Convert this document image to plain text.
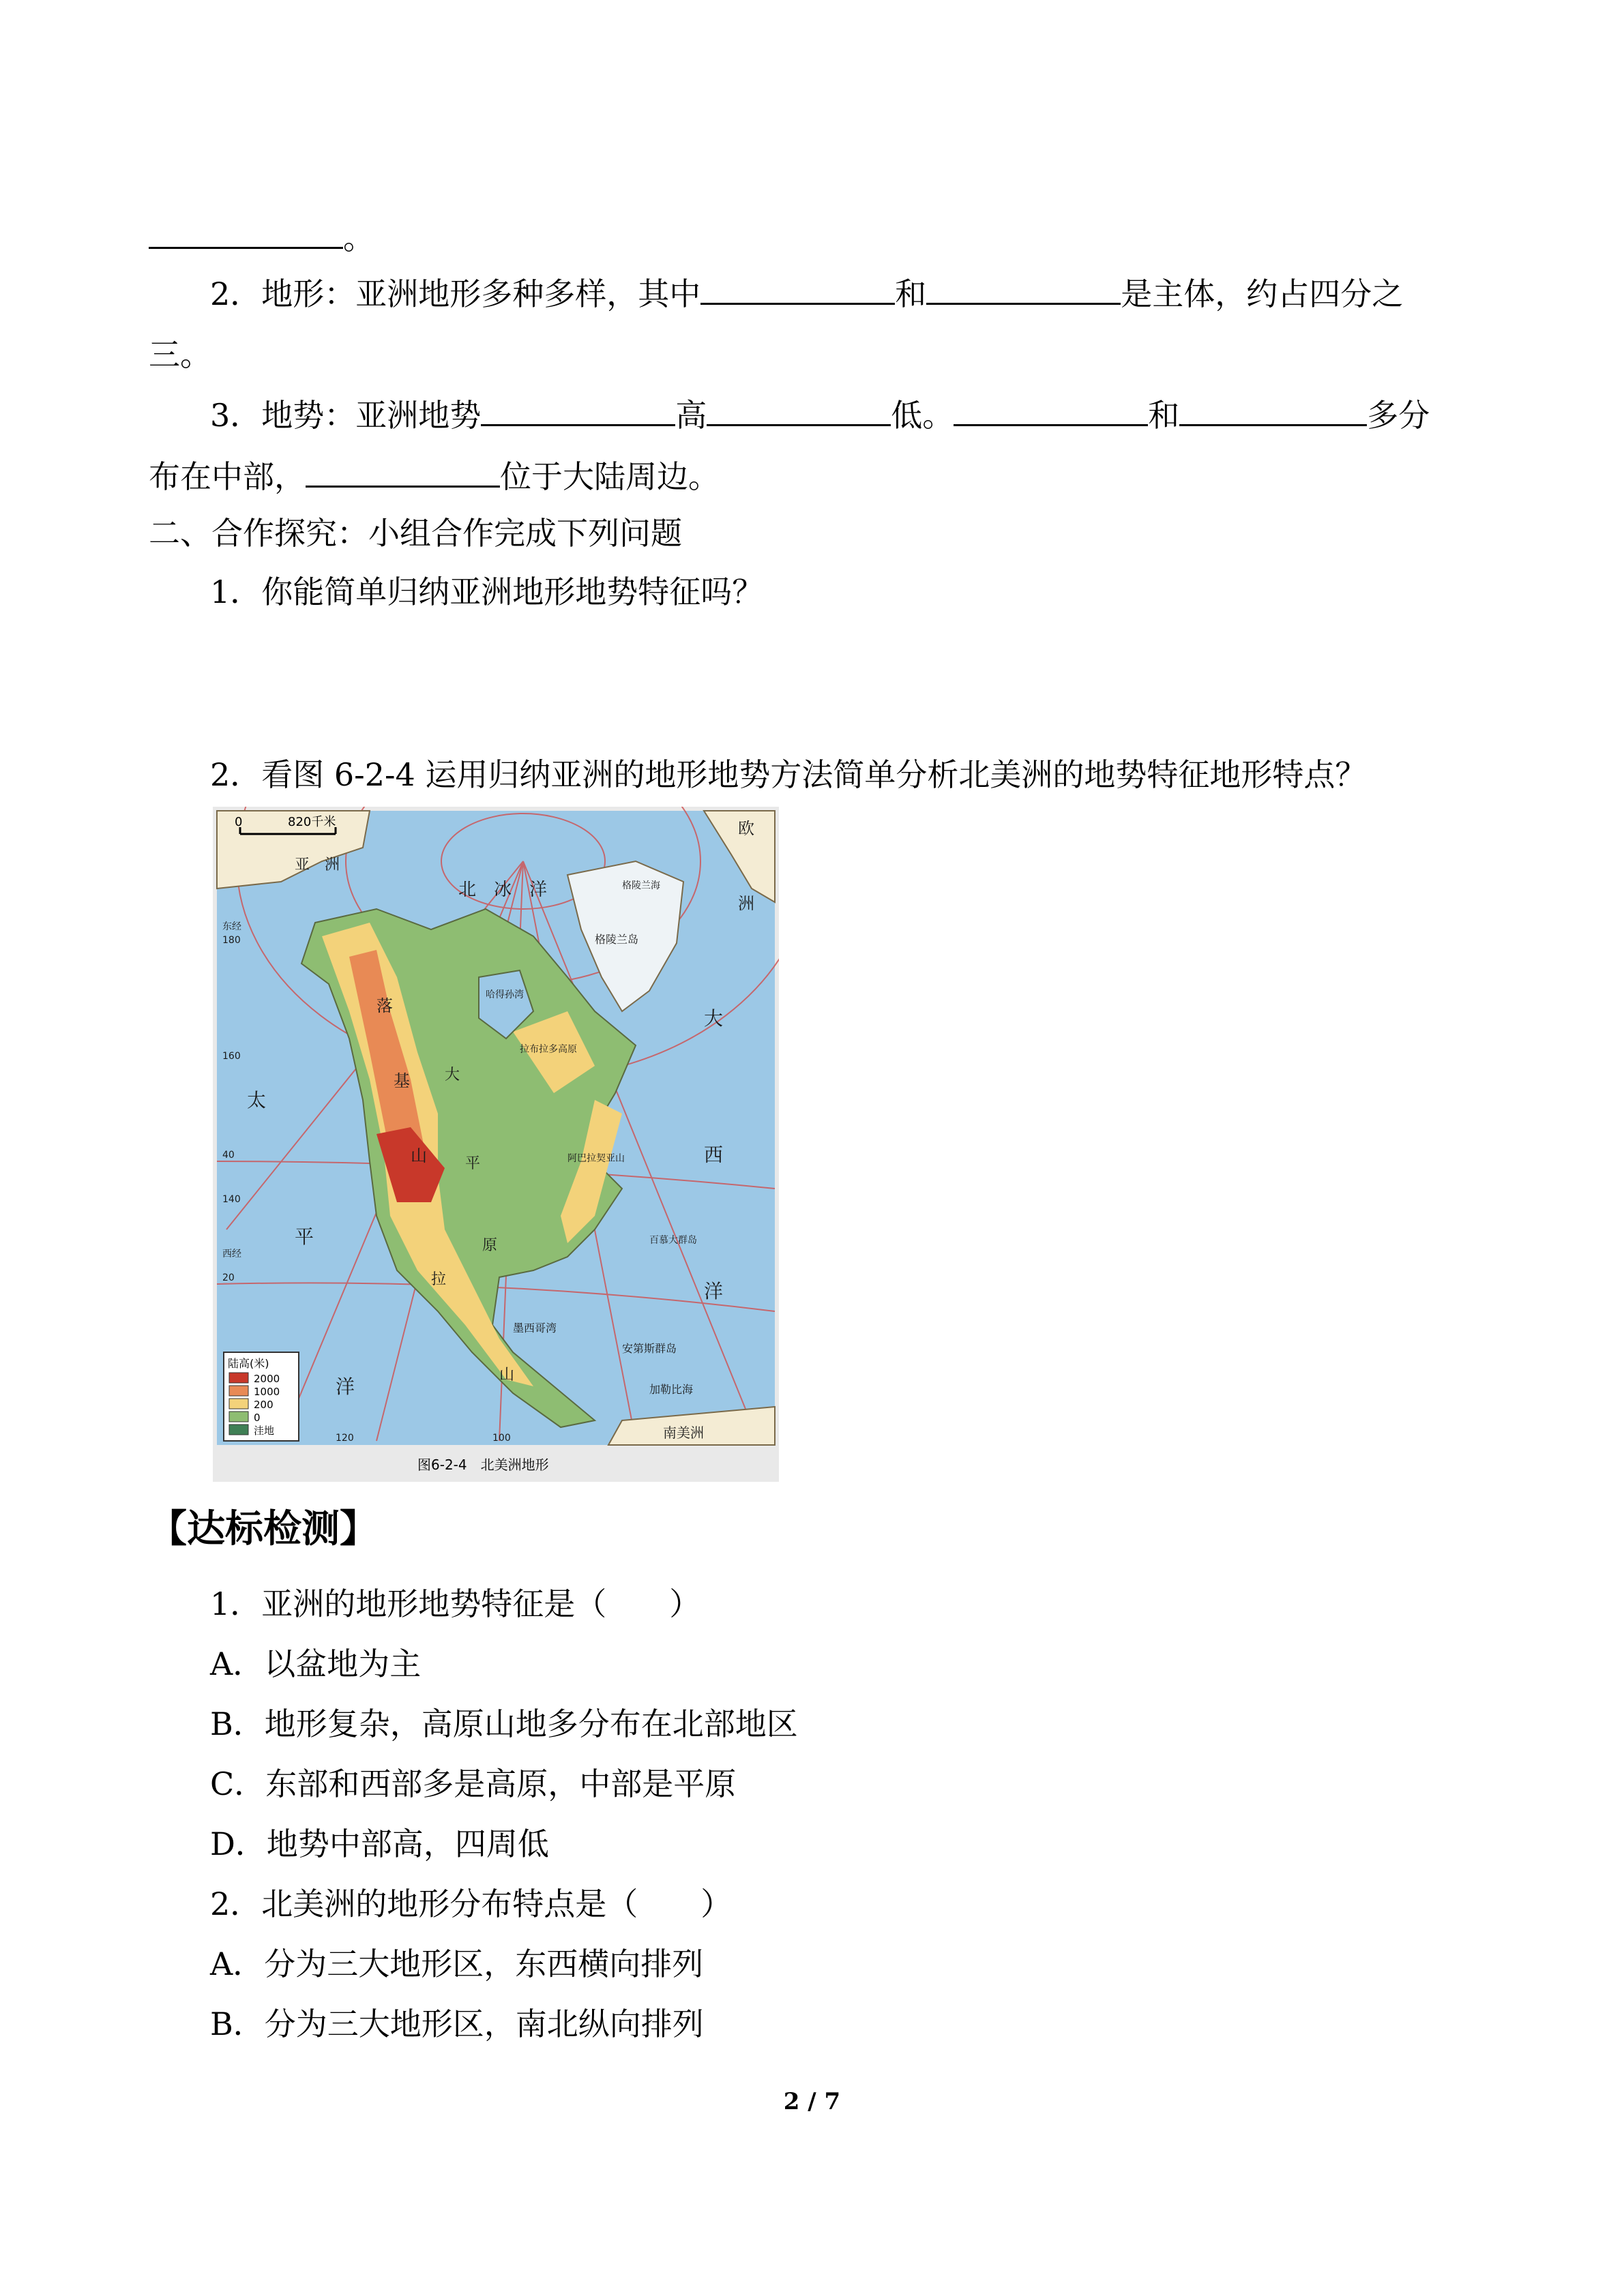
。
2．地形：亚洲地形多种多样，其中	和	是主体，约占四分之
三。
3．地势：亚洲地势	高	低。	和	多分
布在中部，	位于大陆周边。
二、合作探究：小组合作完成下列问题
1．你能简单归纳亚洲地形地势特征吗？
2．看图 6-2-4 运用归纳亚洲的地形地势方法简单分析北美洲的地势特征地形特点？
0	820千米
亚　洲
北　冰　洋
欧
洲
格陵兰海
格陵兰岛
哈得孙湾
拉布拉多高原
大
西
洋
太
平
洋
落
基
山
大
平
原
阿巴拉契亚山
墨西哥湾
加勒比海
安第斯群岛
百慕大群岛
南美洲
拉
山
东经
180
160
140
西经
120	100
40
20
陆高(米)
2000
1000
200
0
洼地
图6-2-4　北美洲地形
【达标检测】
1．亚洲的地形地势特征是（　　）
A．以盆地为主
B．地形复杂，高原山地多分布在北部地区
C．东部和西部多是高原，中部是平原
D．地势中部高，四周低
2．北美洲的地形分布特点是（　　）
A．分为三大地形区，东西横向排列
B．分为三大地形区，南北纵向排列
2 / 7
